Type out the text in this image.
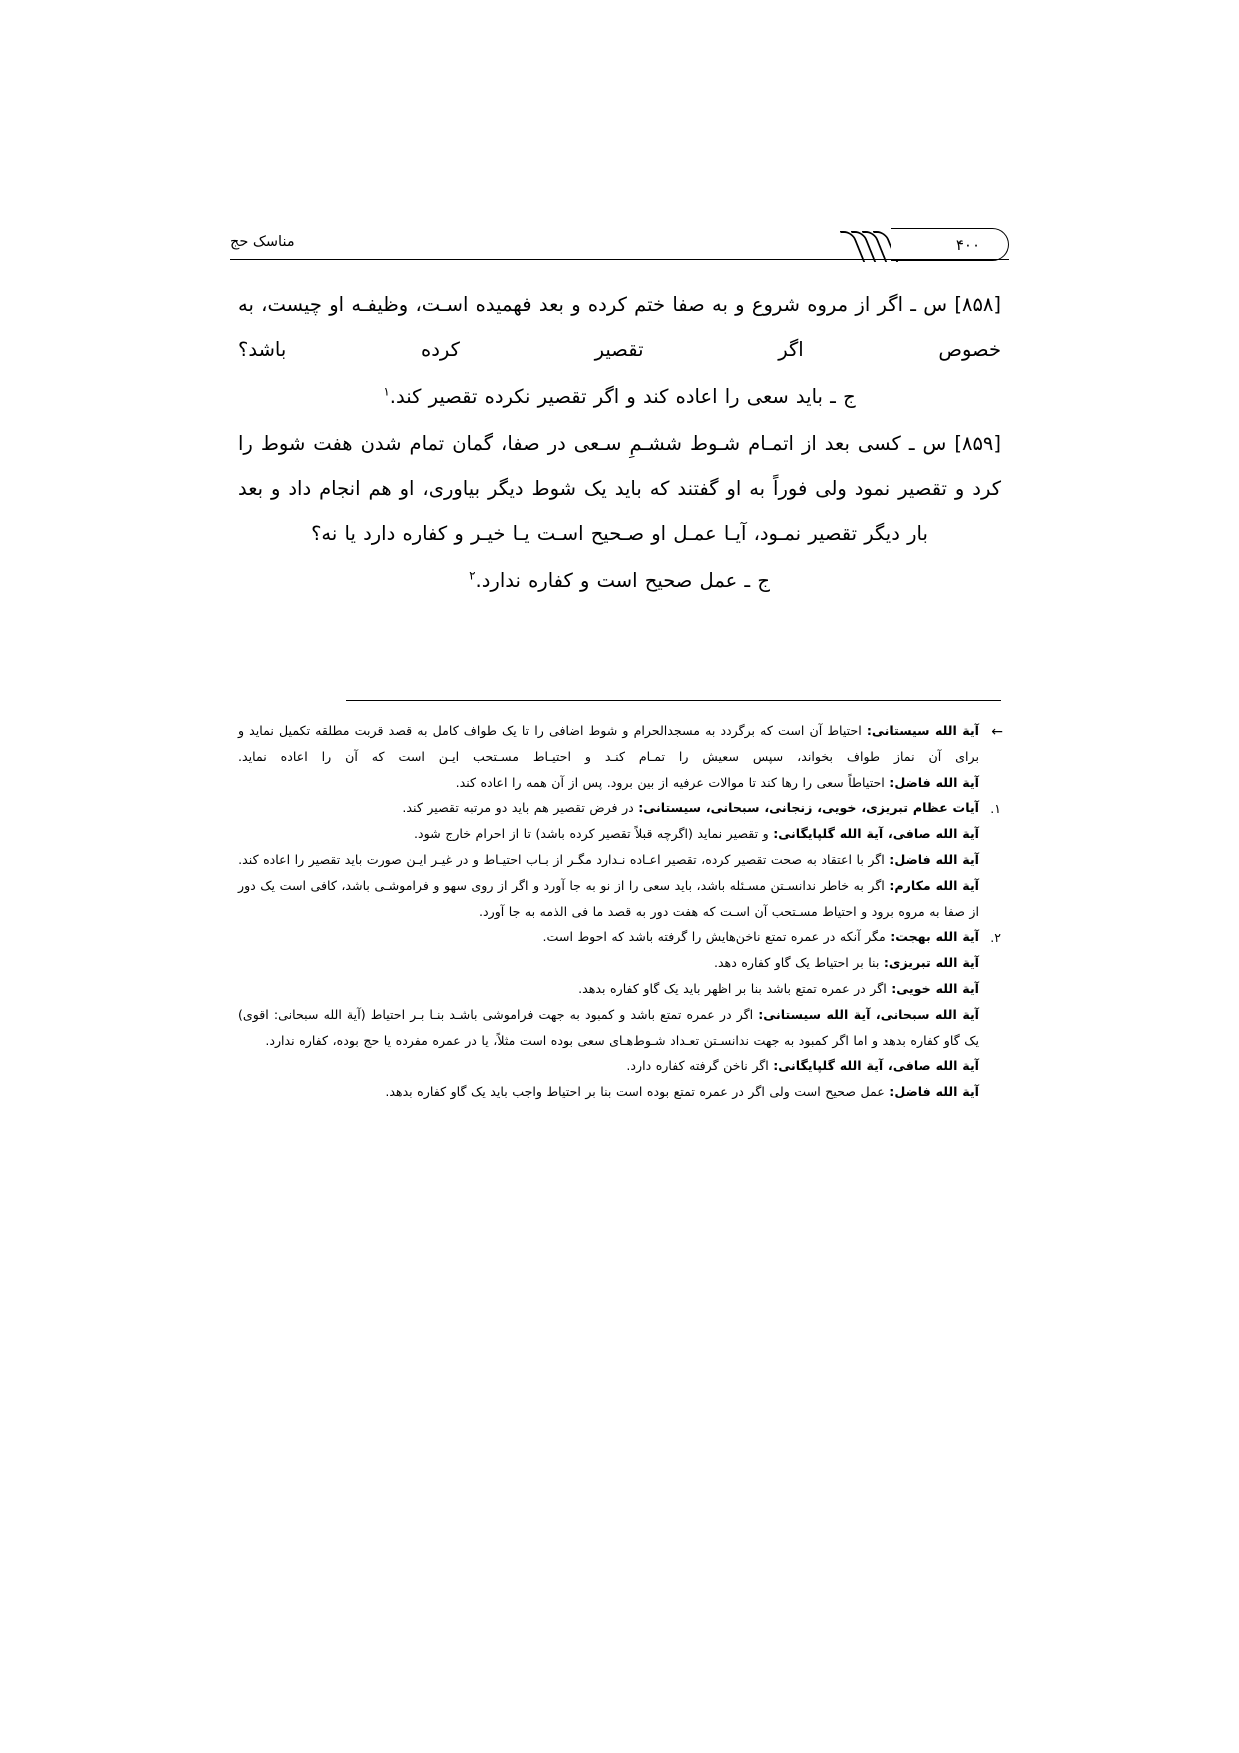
مناسک حج	۴۰۰

[۸۵۸] س ـ اگر از مروه شروع و به صفا ختم کرده و بعد فهمیده اسـت، وظیفـه او چیست، به خصوص اگر تقصیر کرده باشد؟

ج ـ باید سعی را اعاده کند و اگر تقصیر نکرده تقصیر کند.$^۱$

[۸۵۹] س ـ کسی بعد از اتمـام شـوط ششـمِ سـعی در صفا، گمان تمام شدن هفت شوط را کرد و تقصیر نمود ولی فوراً به او گفتند که باید یک شوط دیگر بیاوری، او هم انجام داد و بعد بار دیگر تقصیر نمـود، آیـا عمـل او صـحیح اسـت یـا خیـر و کفاره دارد یا نه؟

ج ـ عمل صحیح است و کفاره ندارد.$^۲$

←

آیة الله سیستانی: احتیاط آن است که برگردد به مسجدالحرام و شوط اضافی را تا یک طواف کامل به قصد قربت مطلقه تکمیل نماید و برای آن نماز طواف بخواند، سپس سعیش را تمـام کنـد و احتیـاط مسـتحب ایـن است که آن را اعاده نماید.

آیة الله فاضل: احتیاطاً سعی را رها کند تا موالات عرفیه از بین برود. پس از آن همه را اعاده کند.

۱.

آیات عظام تبریزی، خویی، زنجانی، سبحانی، سیستانی: در فرض تقصیر هم باید دو مرتبه تقصیر کند.

آیة الله صافی، آیة الله گلپایگانی: و تقصیر نماید (اگرچه قبلاً تقصیر کرده باشد) تا از احرام خارج شود.

آیة الله فاضل: اگر با اعتقاد به صحت تقصیر کرده، تقصیر اعـاده نـدارد مگـر از بـاب احتیـاط و در غیـر ایـن صورت باید تقصیر را اعاده کند.

آیة الله مکارم: اگر به خاطر ندانسـتن مسـئله باشد، باید سعی را از نو به جا آورد و اگر از روی سهو و فراموشـی باشد، کافی است یک دور از صفا به مروه برود و احتیاط مسـتحب آن اسـت که هفت دور به قصد ما فی الذمه به جا آورد.

۲.

آیة الله بهجت: مگر آنکه در عمره تمتع ناخن‌هایش را گرفته باشد که احوط است.

آیة الله تبریزی: بنا بر احتیاط یک گاو کفاره دهد.

آیة الله خویی: اگر در عمره تمتع باشد بنا بر اظهر باید یک گاو کفاره بدهد.

آیة الله سبحانی، آیة الله سیستانی: اگر در عمره تمتع باشد و کمبود به جهت فراموشی باشـد بنـا بـر احتیاط (آیة الله سبحانی: اقوی) یک گاو کفاره بدهد و اما اگر کمبود به جهت ندانسـتن تعـداد شـوط‌هـای سعی بوده است مثلاً، یا در عمره مفرده یا حج بوده، کفاره ندارد.

آیة الله صافی، آیة الله گلپایگانی: اگر ناخن گرفته کفاره دارد.

آیة الله فاضل: عمل صحیح است ولی اگر در عمره تمتع بوده است بنا بر احتیاط واجب باید یک گاو کفاره بدهد.
